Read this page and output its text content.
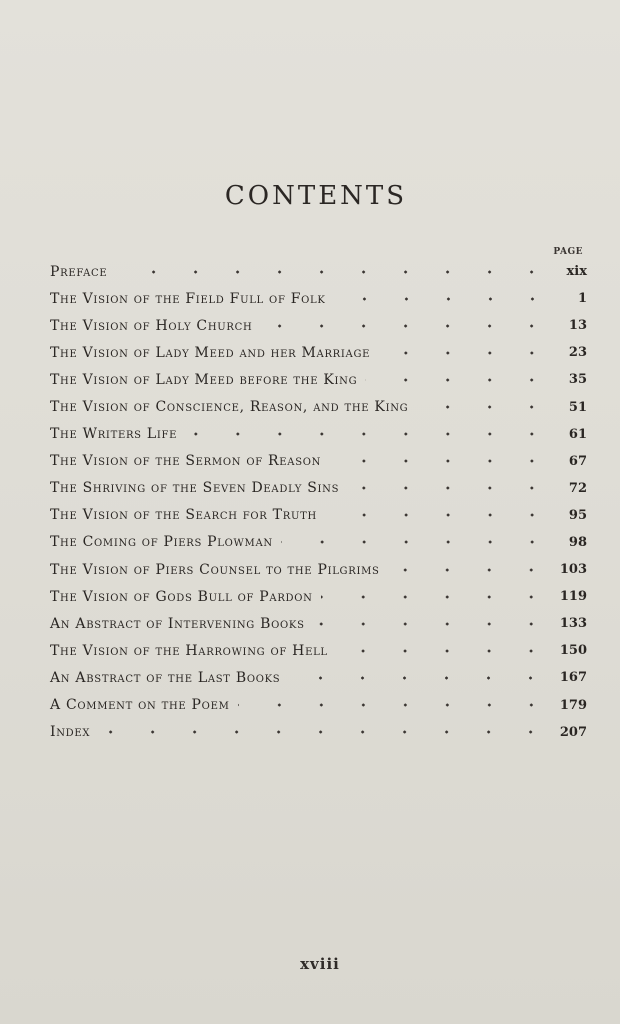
CONTENTS
PAGE
Preface	xix
The Vision of the Field Full of Folk	1
The Vision of Holy Church	13
The Vision of Lady Meed and her Marriage	23
The Vision of Lady Meed before the King	35
The Vision of Conscience, Reason, and the King	51
The Writers Life	61
The Vision of the Sermon of Reason	67
The Shriving of the Seven Deadly Sins	72
The Vision of the Search for Truth	95
The Coming of Piers Plowman	98
The Vision of Piers Counsel to the Pilgrims	103
The Vision of Gods Bull of Pardon	119
An Abstract of Intervening Books	133
The Vision of the Harrowing of Hell	150
An Abstract of the Last Books	167
A Comment on the Poem	179
Index	207
xviii
